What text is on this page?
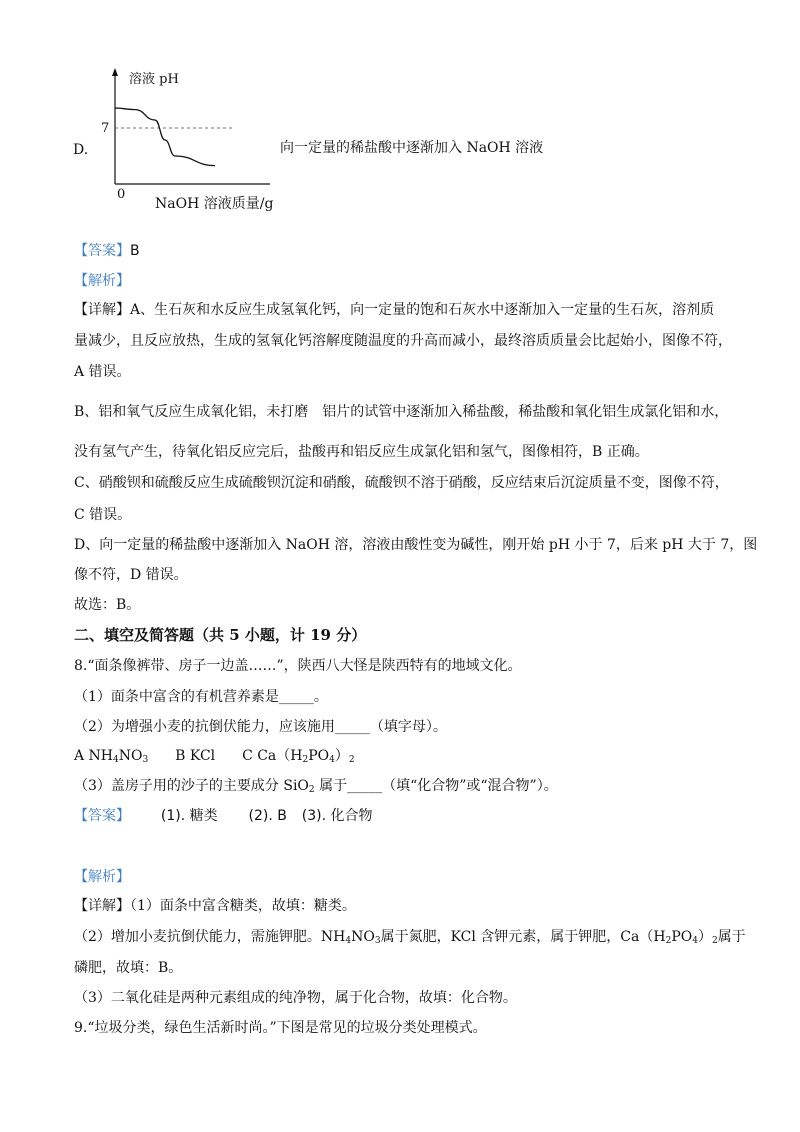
D.	向一定量的稀盐酸中逐渐加入 NaOH 溶液
溶液 pH
7
0
NaOH 溶液质量/g
【答案】B
【解析】
【详解】A、生石灰和水反应生成氢氧化钙，向一定量的饱和石灰水中逐渐加入一定量的生石灰，溶剂质
量减少，且反应放热，生成的氢氧化钙溶解度随温度的升高而减小，最终溶质质量会比起始小，图像不符，
A 错误。
B、铝和氧气反应生成氧化铝，未打磨　铝片的试管中逐渐加入稀盐酸，稀盐酸和氧化铝生成氯化铝和水，
没有氢气产生，待氧化铝反应完后，盐酸再和铝反应生成氯化铝和氢气，图像相符，B 正确。
C、硝酸钡和硫酸反应生成硫酸钡沉淀和硝酸，硫酸钡不溶于硝酸，反应结束后沉淀质量不变，图像不符，
C 错误。
D、向一定量的稀盐酸中逐渐加入 NaOH 溶，溶液由酸性变为碱性，刚开始 pH 小于 7，后来 pH 大于 7，图
像不符，D 错误。
故选：B。
二、填空及简答题（共 5 小题，计 19 分）
8.“面条像裤带、房子一边盖……”，陕西八大怪是陕西特有的地域文化。
（1）面条中富含的有机营养素是_____。
（2）为增强小麦的抗倒伏能力，应该施用_____（填字母）。
A $NH_4NO_3$ B KCl C $Ca(H_2PO_4)_2$
（3）盖房子用的沙子的主要成分 SiO$_2$ 属于_____（填“化合物”或“混合物”）。
【答案】 (1). 糖类 (2). B (3). 化合物
【解析】
【详解】（1）面条中富含糖类，故填：糖类。
（2）增加小麦抗倒伏能力，需施钾肥。$NH_4NO_3$属于氮肥，KCl 含钾元素，属于钾肥，$Ca(H_2PO_4)_2$属于
磷肥，故填：B。
（3）二氧化硅是两种元素组成的纯净物，属于化合物，故填：化合物。
9.“垃圾分类，绿色生活新时尚。”下图是常见的垃圾分类处理模式。
